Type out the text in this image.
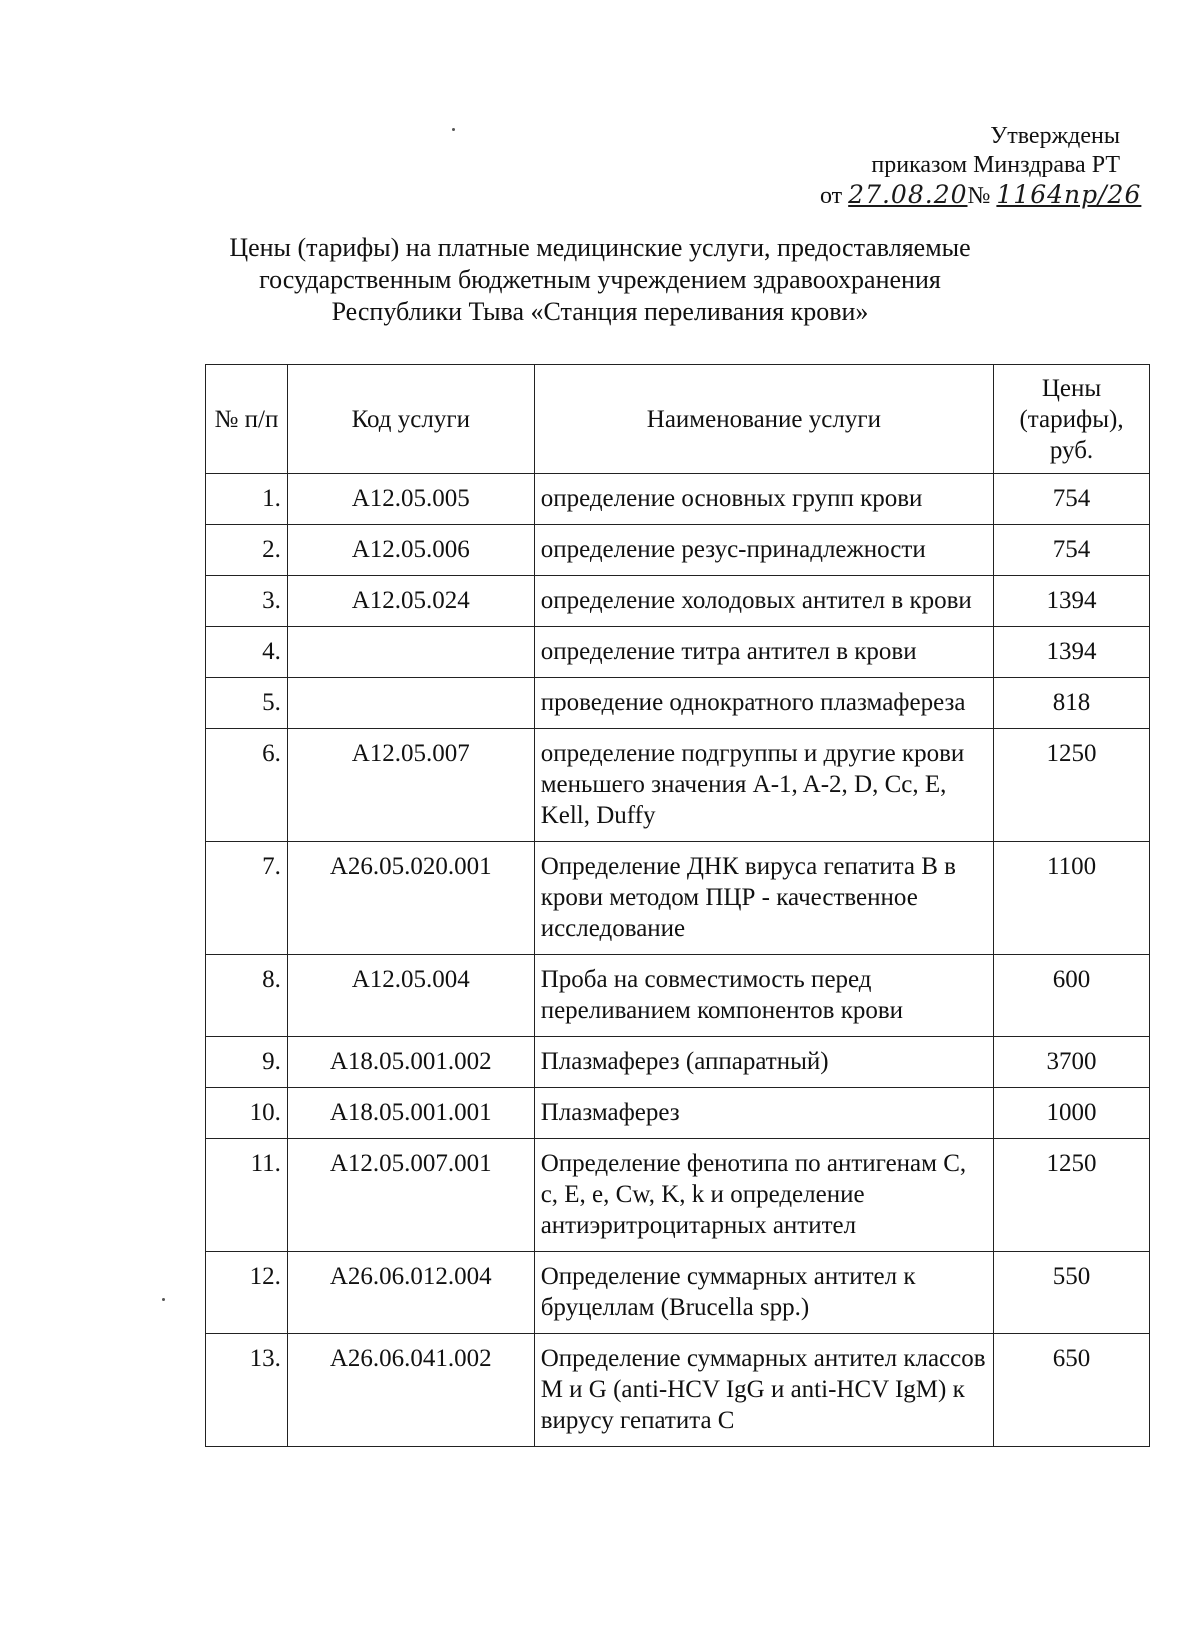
Утверждены
приказом Минздрава РТ
от 27.08.20№ 1164пр/26
Цены (тарифы) на платные медицинские услуги, предоставляемые
государственным бюджетным учреждением здравоохранения
Республики Тыва «Станция переливания крови»
№ п/п	Код услуги	Наименование услуги	Цены (тарифы), руб.
1.	A12.05.005	определение основных групп крови	754
2.	A12.05.006	определение резус-принадлежности	754
3.	A12.05.024	определение холодовых антител в крови	1394
4.		определение титра антител в крови	1394
5.		проведение однократного плазмафереза	818
6.	A12.05.007	определение подгруппы и другие крови меньшего значения A-1, A-2, D, Cc, E, Kell, Duffy	1250
7.	A26.05.020.001	Определение ДНК вируса гепатита В в крови методом ПЦР - качественное исследование	1100
8.	A12.05.004	Проба на совместимость перед переливанием компонентов крови	600
9.	A18.05.001.002	Плазмаферез (аппаратный)	3700
10.	A18.05.001.001	Плазмаферез	1000
11.	A12.05.007.001	Определение фенотипа по антигенам C, c, E, e, Cw, K, k и определение антиэритроцитарных антител	1250
12.	A26.06.012.004	Определение суммарных антител к бруцеллам (Brucella spp.)	550
13.	A26.06.041.002	Определение суммарных антител классов M и G (anti-HCV IgG и anti-HCV IgM) к вирусу гепатита С	650
